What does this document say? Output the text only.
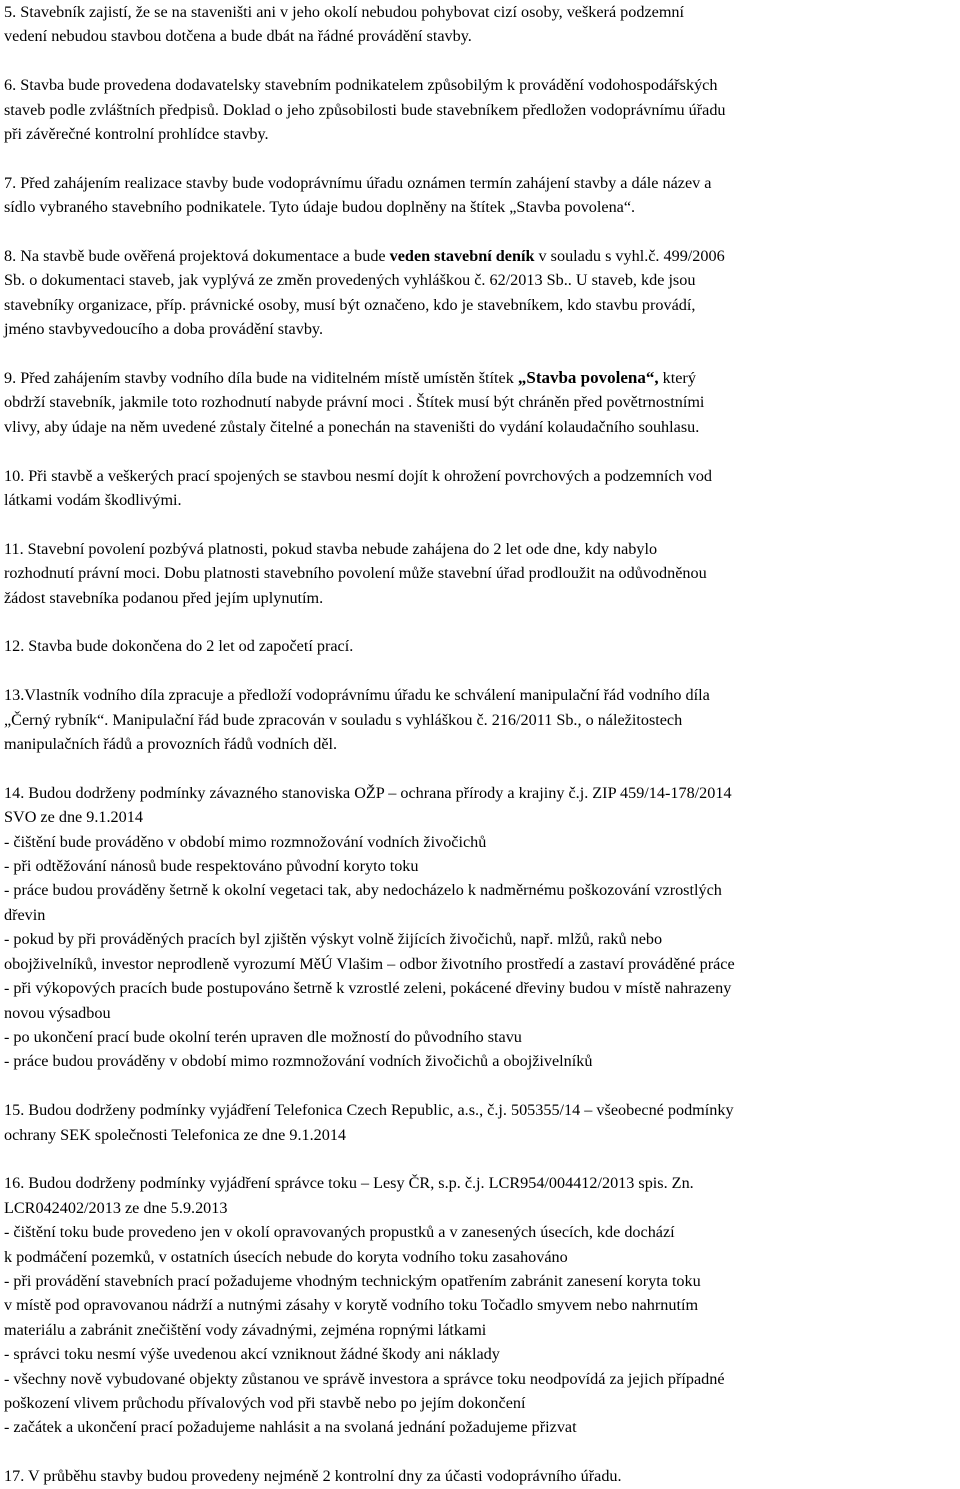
5. Stavebník zajistí, že se na staveništi ani v jeho okolí nebudou pohybovat cizí osoby, veškerá podzemní
vedení nebudou stavbou dotčena a bude dbát na řádné provádění stavby.

6. Stavba bude provedena dodavatelsky stavebním podnikatelem způsobilým k provádění vodohospodářských
staveb podle zvláštních předpisů. Doklad o jeho způsobilosti bude stavebníkem předložen vodoprávnímu úřadu
při závěrečné kontrolní prohlídce stavby.

7. Před zahájením realizace stavby bude vodoprávnímu úřadu oznámen termín zahájení stavby a dále název a
sídlo vybraného stavebního podnikatele. Tyto údaje budou doplněny na štítek „Stavba povolena“.

8. Na stavbě bude ověřená projektová dokumentace a bude veden stavební deník v souladu s vyhl.č. 499/2006
Sb. o dokumentaci staveb, jak vyplývá ze změn provedených vyhláškou č. 62/2013 Sb.. U staveb, kde jsou
stavebníky organizace, příp. právnické osoby, musí být označeno, kdo je stavebníkem, kdo stavbu provádí,
jméno stavbyvedoucího a doba provádění stavby.

9. Před zahájením stavby vodního díla bude na viditelném místě umístěn štítek „Stavba povolena“, který
obdrží stavebník, jakmile toto rozhodnutí nabyde právní moci . Štítek musí být chráněn před povětrnostními
vlivy, aby údaje na něm uvedené zůstaly čitelné a ponechán na staveništi do vydání kolaudačního souhlasu.

10. Při stavbě a veškerých prací spojených se stavbou nesmí dojít k ohrožení povrchových a podzemních vod
látkami vodám škodlivými.

11. Stavební povolení pozbývá platnosti, pokud stavba nebude zahájena do 2 let ode dne, kdy nabylo
rozhodnutí právní moci. Dobu platnosti stavebního povolení může stavební úřad prodloužit na odůvodněnou
žádost stavebníka podanou před jejím uplynutím.

12. Stavba bude dokončena do 2 let od započetí prací.

13.Vlastník vodního díla zpracuje a předloží vodoprávnímu úřadu ke schválení manipulační řád vodního díla
„Černý rybník“. Manipulační řád bude zpracován v souladu s vyhláškou č. 216/2011 Sb., o náležitostech
manipulačních řádů a provozních řádů vodních děl.

14. Budou dodrženy podmínky závazného stanoviska OŽP – ochrana přírody a krajiny č.j. ZIP 459/14-178/2014
SVO ze dne 9.1.2014
- čištění bude prováděno v období mimo rozmnožování vodních živočichů
- při odtěžování nánosů bude respektováno původní koryto toku
- práce budou prováděny šetrně k okolní vegetaci tak, aby nedocházelo k nadměrnému poškozování vzrostlých
dřevin
- pokud by při prováděných pracích byl zjištěn výskyt volně žijících živočichů, např. mlžů, raků nebo
obojživelníků, investor neprodleně vyrozumí MěÚ Vlašim – odbor životního prostředí a zastaví prováděné práce
- při výkopových pracích bude postupováno šetrně k vzrostlé zeleni, pokácené dřeviny budou v místě nahrazeny
novou výsadbou
- po ukončení prací bude okolní terén upraven dle možností do původního stavu
- práce budou prováděny v období mimo rozmnožování vodních živočichů a obojživelníků

15. Budou dodrženy podmínky vyjádření Telefonica Czech Republic, a.s., č.j. 505355/14 – všeobecné podmínky
ochrany SEK společnosti Telefonica ze dne 9.1.2014

16. Budou dodrženy podmínky vyjádření správce toku – Lesy ČR, s.p. č.j. LCR954/004412/2013 spis. Zn.
LCR042402/2013 ze dne 5.9.2013
- čištění toku bude provedeno jen v okolí opravovaných propustků a v zanesených úsecích, kde dochází
k podmáčení pozemků, v ostatních úsecích nebude do koryta vodního toku zasahováno
- při provádění stavebních prací požadujeme vhodným technickým opatřením zabránit zanesení koryta toku
v místě pod opravovanou nádrží a nutnými zásahy v korytě vodního toku Točadlo smyvem nebo nahrnutím
materiálu a zabránit znečištění vody závadnými, zejména ropnými látkami
- správci toku nesmí výše uvedenou akcí vzniknout žádné škody ani náklady
- všechny nově vybudované objekty zůstanou ve správě investora a správce toku neodpovídá za jejich případné
poškození vlivem průchodu přívalových vod při stavbě nebo po jejím dokončení
- začátek a ukončení prací požadujeme nahlásit a na svolaná jednání požadujeme přizvat

17. V průběhu stavby budou provedeny nejméně 2 kontrolní dny za účasti vodoprávního úřadu.
